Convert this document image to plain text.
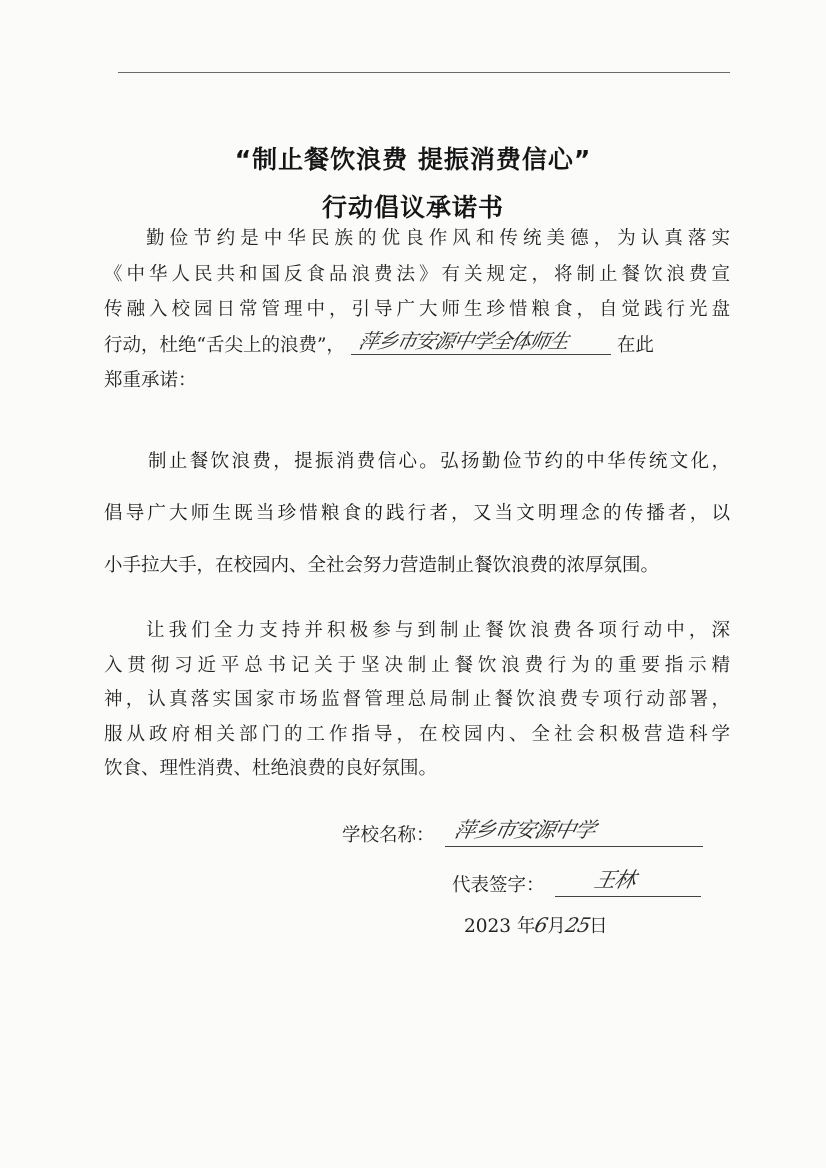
“制止餐饮浪费 提振消费信心”
行动倡议承诺书
勤俭节约是中华民族的优良作风和传统美德，为认真落实
《中华人民共和国反食品浪费法》有关规定，将制止餐饮浪费宣
传融入校园日常管理中，引导广大师生珍惜粮食，自觉践行光盘
行动，杜绝“舌尖上的浪费”， 萍乡市安源中学全体师生	在此
郑重承诺：
制止餐饮浪费，提振消费信心。弘扬勤俭节约的中华传统文化，
倡导广大师生既当珍惜粮食的践行者，又当文明理念的传播者，以
小手拉大手，在校园内、全社会努力营造制止餐饮浪费的浓厚氛围。
让我们全力支持并积极参与到制止餐饮浪费各项行动中，深
入贯彻习近平总书记关于坚决制止餐饮浪费行为的重要指示精
神，认真落实国家市场监督管理总局制止餐饮浪费专项行动部署，
服从政府相关部门的工作指导，在校园内、全社会积极营造科学
饮食、理性消费、杜绝浪费的良好氛围。
学校名称： 萍乡市安源中学
代表签字： 王林
2023 年6月25日
